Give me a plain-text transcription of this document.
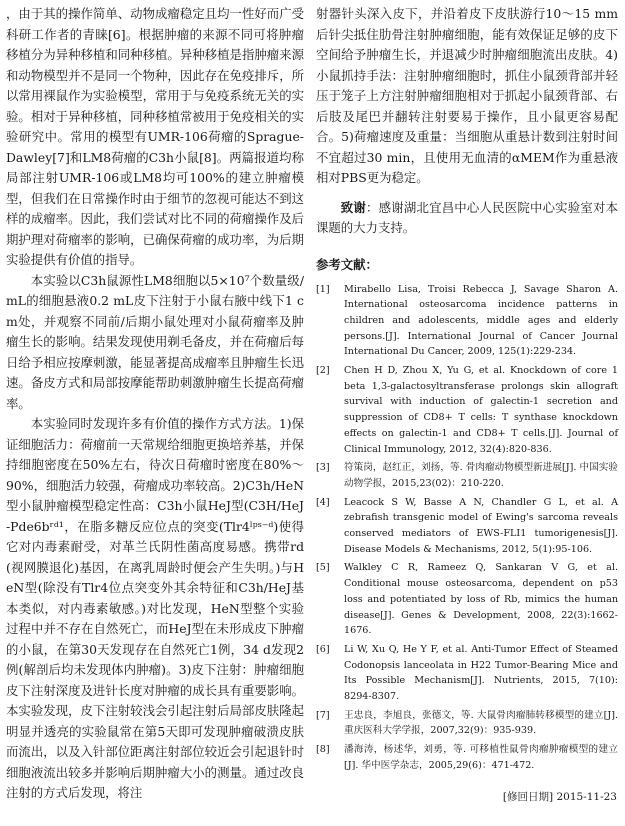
，由于其的操作简单、动物成瘤稳定且均一性好而广受科研工作者的青睐[6]。根据肿瘤的来源不同可将肿瘤移植分为异种移植和同种移植。异种移植是指肿瘤来源和动物模型并不是同一个物种，因此存在免疫排斥，所以常用裸鼠作为实验模型，常用于与免疫系统无关的实验。相对于异种移植，同种移植常被用于免疫相关的实验研究中。常用的模型有UMR-106荷瘤的Sprague-Dawley[7]和LM8荷瘤的C3h小鼠[8]。两篇报道均称局部注射UMR-106或LM8均可100%的建立肿瘤模型，但我们在日常操作时由于细节的忽视可能达不到这样的成瘤率。因此，我们尝试对比不同的荷瘤操作及后期护理对荷瘤率的影响，已确保荷瘤的成功率，为后期实验提供有价值的指导。

本实验以C3h鼠源性LM8细胞以5×10⁷个数量级/mL的细胞悬液0.2 mL皮下注射于小鼠右腋中线下1 cm处，并观察不同前/后期小鼠处理对小鼠荷瘤率及肿瘤生长的影响。结果发现使用剃毛备皮，并在荷瘤后每日给予相应按摩刺激，能显著提高成瘤率且肿瘤生长迅速。备皮方式和局部按摩能帮助刺激肿瘤生长提高荷瘤率。

本实验同时发现许多有价值的操作方式方法。1)保证细胞活力：荷瘤前一天常规给细胞更换培养基，并保持细胞密度在50%左右，待次日荷瘤时密度在80%～90%，细胞活力较强，荷瘤成功率较高。2)C3h/HeN型小鼠肿瘤模型稳定性高：C3h小鼠HeJ型(C3H/HeJ-Pde6bʳᵈ¹，在脂多糖反应位点的突变(Tlr4ˡᵖˢ⁻ᵈ)使得它对内毒素耐受，对革兰氏阴性菌高度易感。携带rd(视网膜退化)基因，在离乳周龄时便会产生失明。)与HeN型(除没有Tlr4位点突变外其余特征和C3h/HeJ基本类似，对内毒素敏感。)对比发现，HeN型整个实验过程中并不存在自然死亡，而HeJ型在未形成皮下肿瘤的小鼠，在第30天发现存在自然死亡1例，34 d发现2例(解剖后均未发现体内肿瘤)。3)皮下注射：肿瘤细胞皮下注射深度及进针长度对肿瘤的成长具有重要影响。本实验发现，皮下注射较浅会引起注射后局部皮肤隆起明显并透亮的实验鼠常在第5天即可发现肿瘤破溃皮肤而流出，以及入针部位距离注射部位较近会引起退针时细胞液流出较多并影响后期肿瘤大小的测量。通过改良注射的方式后发现，将注

射器针头深入皮下，并沿着皮下皮肤游行10～15 mm后针尖抵住肋骨注射肿瘤细胞，能有效保证足够的皮下空间给予肿瘤生长，并退减少时肿瘤细胞流出皮肤。4)小鼠抓持手法：注射肿瘤细胞时，抓住小鼠颈背部并轻压于笼子上方注射肿瘤细胞相对于抓起小鼠颈背部、右后肢及尾巴并翻转注射要易于操作，且小鼠更容易配合。5)荷瘤速度及重量：当细胞从重悬计数到注射时间不宜超过30 min，且使用无血清的αMEM作为重悬液相对PBS更为稳定。

致谢：感谢湖北宜昌中心人民医院中心实验室对本课题的大力支持。

参考文献：
[1]	Mirabello Lisa, Troisi Rebecca J, Savage Sharon A. International osteosarcoma incidence patterns in children and adolescents, middle ages and elderly persons.[J]. International Journal of Cancer Journal International Du Cancer, 2009, 125(1):229-234.
[2]	Chen H D, Zhou X, Yu G, et al. Knockdown of core 1 beta 1,3-galactosyltransferase prolongs skin allograft survival with induction of galectin-1 secretion and suppression of CD8+ T cells: T synthase knockdown effects on galectin-1 and CD8+ T cells.[J]. Journal of Clinical Immunology, 2012, 32(4):820-836.
[3]	符策岗，赵红正，刘扬，等. 骨肉瘤动物模型新进展[J]. 中国实验动物学报，2015,23(02)：210-220.
[4]	Leacock S W, Basse A N, Chandler G L, et al. A zebrafish transgenic model of Ewing's sarcoma reveals conserved mediators of EWS-FLI1 tumorigenesis[J]. Disease Models & Mechanisms, 2012, 5(1):95-106.
[5]	Walkley C R, Rameez Q, Sankaran V G, et al. Conditional mouse osteosarcoma, dependent on p53 loss and potentiated by loss of Rb, mimics the human disease[J]. Genes & Development, 2008, 22(3):1662-1676.
[6]	Li W, Xu Q, He Y F, et al. Anti-Tumor Effect of Steamed Codonopsis lanceolata in H22 Tumor-Bearing Mice and Its Possible Mechanism[J]. Nutrients, 2015, 7(10): 8294-8307.
[7]	王忠良，李旭良，张德文，等. 大鼠骨肉瘤肺转移模型的建立[J]. 重庆医科大学学报，2007,32(9)：935-939.
[8]	潘海涛，杨述华，刘勇，等. 可移植性鼠骨肉瘤肿瘤模型的建立[J]. 华中医学杂志，2005,29(6)：471-472.
[修回日期] 2015-11-23
